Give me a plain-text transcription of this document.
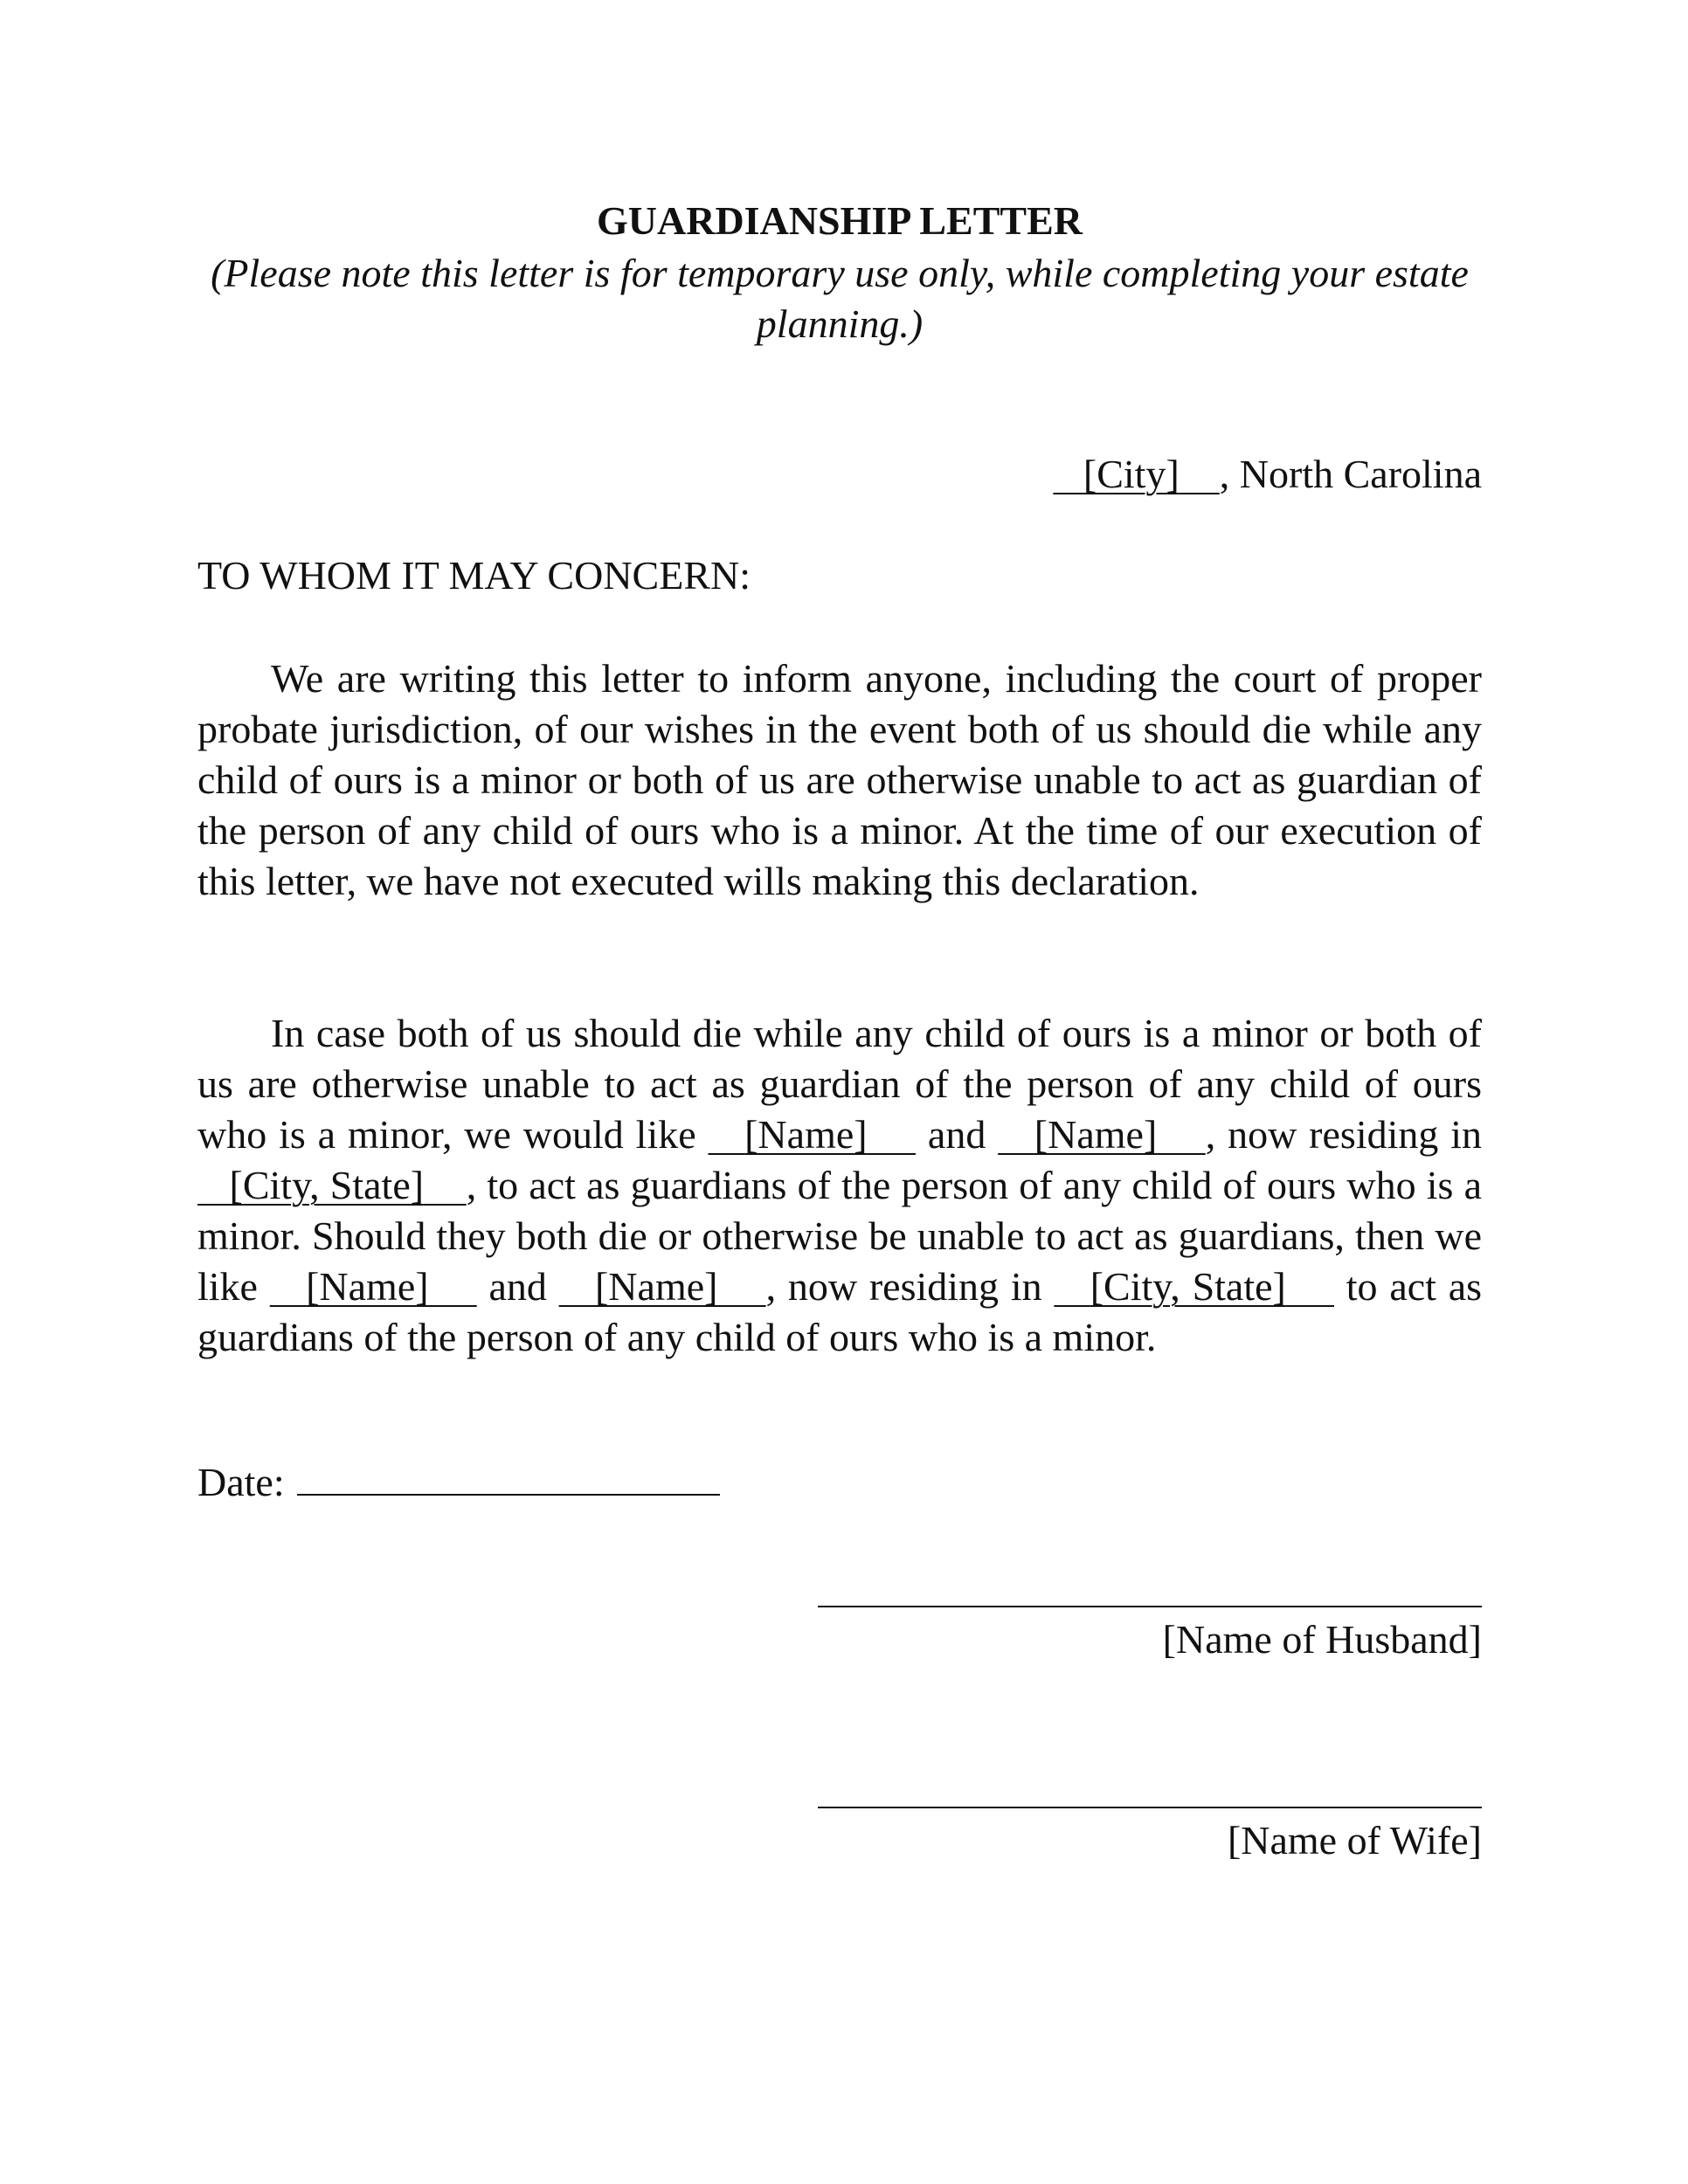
GUARDIANSHIP LETTER
(Please note this letter is for temporary use only, while completing your estate planning.)
[City] , North Carolina
TO WHOM IT MAY CONCERN:

We are writing this letter to inform anyone, including the court of proper probate jurisdiction, of our wishes in the event both of us should die while any child of ours is a minor or both of us are otherwise unable to act as guardian of the person of any child of ours who is a minor. At the time of our execution of this letter, we have not executed wills making this declaration.

In case both of us should die while any child of ours is a minor or both of us are otherwise unable to act as guardian of the person of any child of ours who is a minor, we would like    [Name]     and    [Name] , now residing in    [City, State] , to act as guardians of the person of any child of ours who is a minor. Should they both die or otherwise be unable to act as guardians, then we like    [Name]     and    [Name] , now residing in    [City, State]     to act as guardians of the person of any child of ours who is a minor.

Date:
[Name of Husband]
[Name of Wife]
